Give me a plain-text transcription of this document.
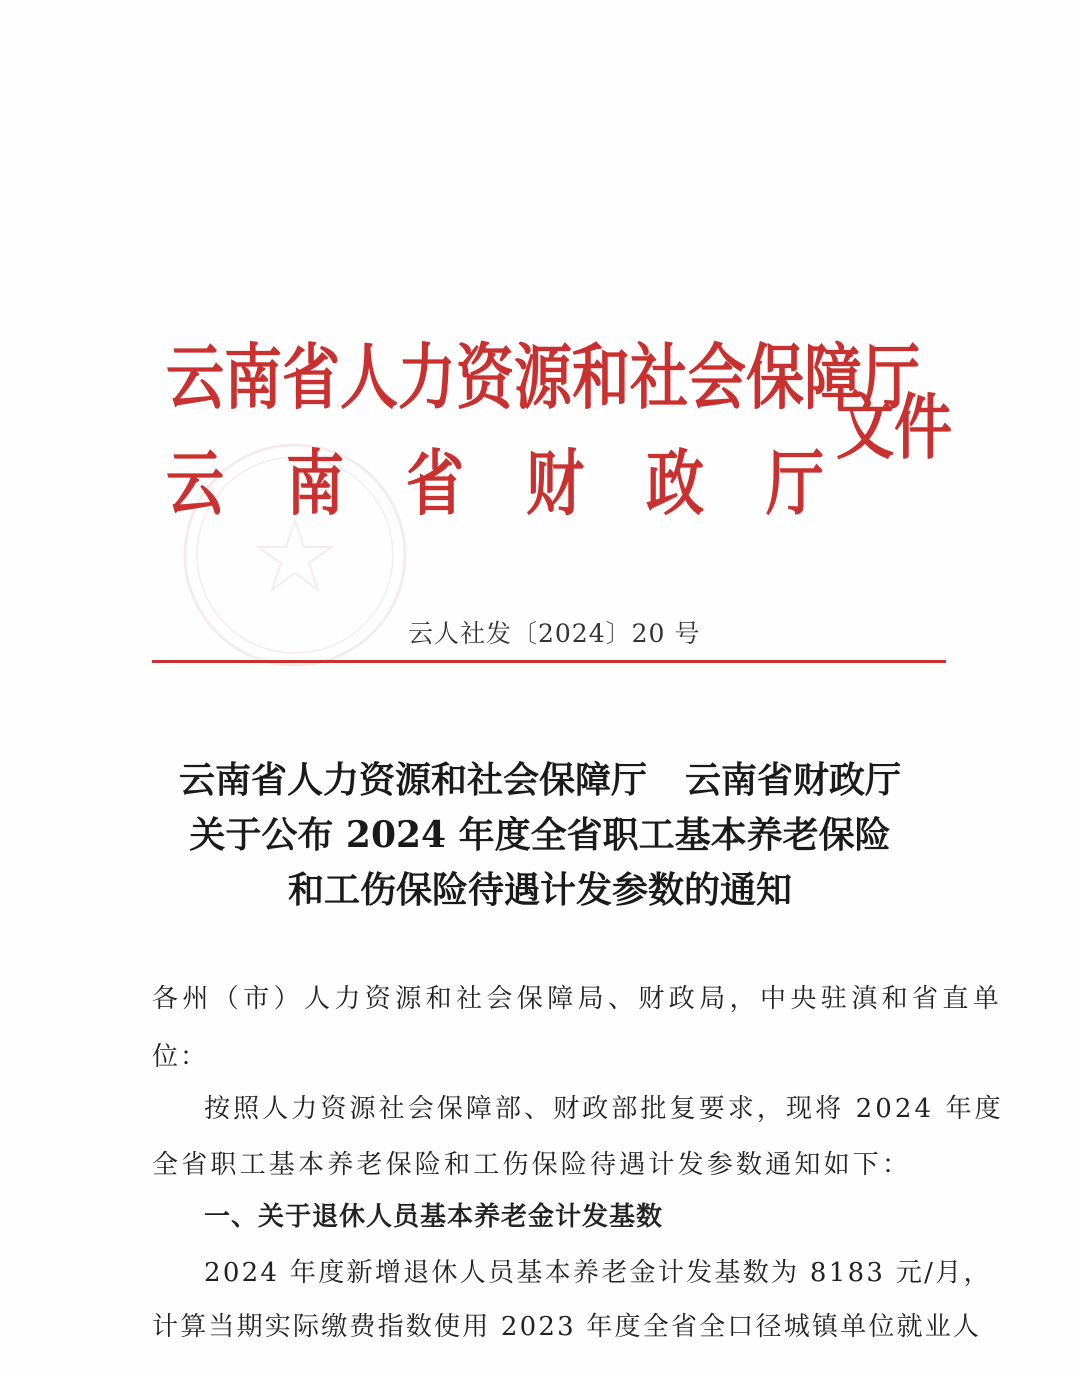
云南省人力资源和社会保障厅
云南省财政厅
文件
云人社发〔2024〕20 号
云南省人力资源和社会保障厅 云南省财政厅
关于公布 2024 年度全省职工基本养老保险
和工伤保险待遇计发参数的通知
各州（市）人力资源和社会保障局、财政局，中央驻滇和省直单
位：
按照人力资源社会保障部、财政部批复要求，现将 2024 年度
全省职工基本养老保险和工伤保险待遇计发参数通知如下：
一、关于退休人员基本养老金计发基数
2024 年度新增退休人员基本养老金计发基数为 8183 元/月，
计算当期实际缴费指数使用 2023 年度全省全口径城镇单位就业人
